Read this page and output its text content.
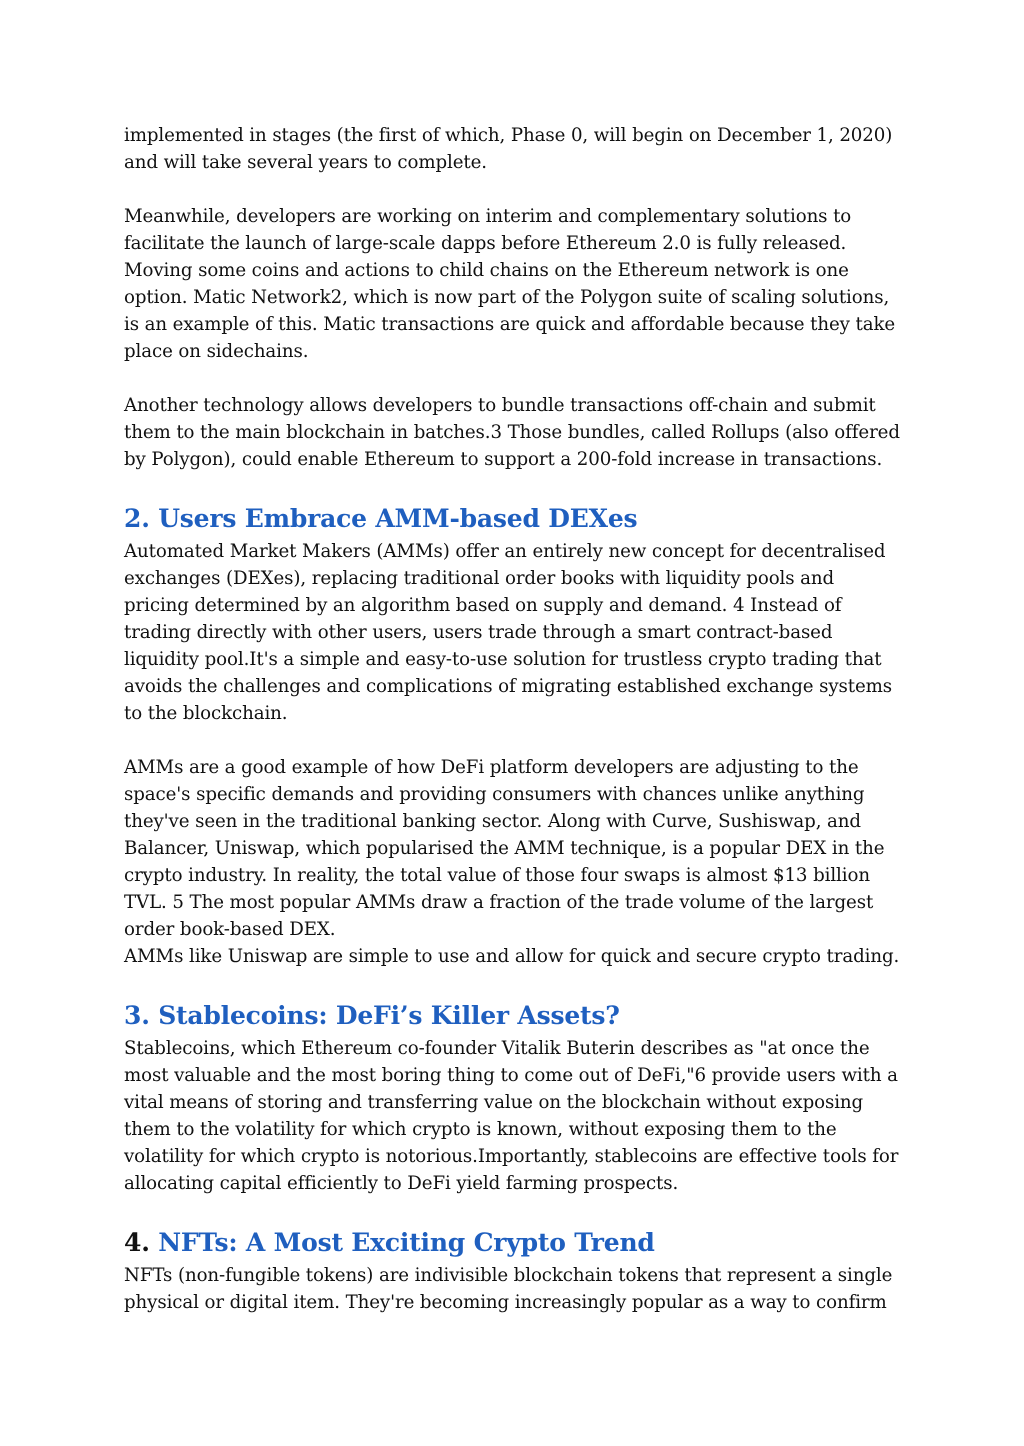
implemented in stages (the first of which, Phase 0, will begin on December 1, 2020)
and will take several years to complete.

Meanwhile, developers are working on interim and complementary solutions to
facilitate the launch of large-scale dapps before Ethereum 2.0 is fully released.
Moving some coins and actions to child chains on the Ethereum network is one
option. Matic Network2, which is now part of the Polygon suite of scaling solutions,
is an example of this. Matic transactions are quick and affordable because they take
place on sidechains.

Another technology allows developers to bundle transactions off-chain and submit
them to the main blockchain in batches.3 Those bundles, called Rollups (also offered
by Polygon), could enable Ethereum to support a 200-fold increase in transactions.

2. Users Embrace AMM-based DEXes

Automated Market Makers (AMMs) offer an entirely new concept for decentralised
exchanges (DEXes), replacing traditional order books with liquidity pools and
pricing determined by an algorithm based on supply and demand. 4 Instead of
trading directly with other users, users trade through a smart contract-based
liquidity pool.It's a simple and easy-to-use solution for trustless crypto trading that
avoids the challenges and complications of migrating established exchange systems
to the blockchain.

AMMs are a good example of how DeFi platform developers are adjusting to the
space's specific demands and providing consumers with chances unlike anything
they've seen in the traditional banking sector. Along with Curve, Sushiswap, and
Balancer, Uniswap, which popularised the AMM technique, is a popular DEX in the
crypto industry. In reality, the total value of those four swaps is almost $13 billion
TVL. 5 The most popular AMMs draw a fraction of the trade volume of the largest
order book-based DEX.
AMMs like Uniswap are simple to use and allow for quick and secure crypto trading.

3. Stablecoins: DeFi’s Killer Assets?

Stablecoins, which Ethereum co-founder Vitalik Buterin describes as "at once the
most valuable and the most boring thing to come out of DeFi,"6 provide users with a
vital means of storing and transferring value on the blockchain without exposing
them to the volatility for which crypto is known, without exposing them to the
volatility for which crypto is notorious.Importantly, stablecoins are effective tools for
allocating capital efficiently to DeFi yield farming prospects.

4. NFTs: A Most Exciting Crypto Trend

NFTs (non-fungible tokens) are indivisible blockchain tokens that represent a single
physical or digital item. They're becoming increasingly popular as a way to confirm
